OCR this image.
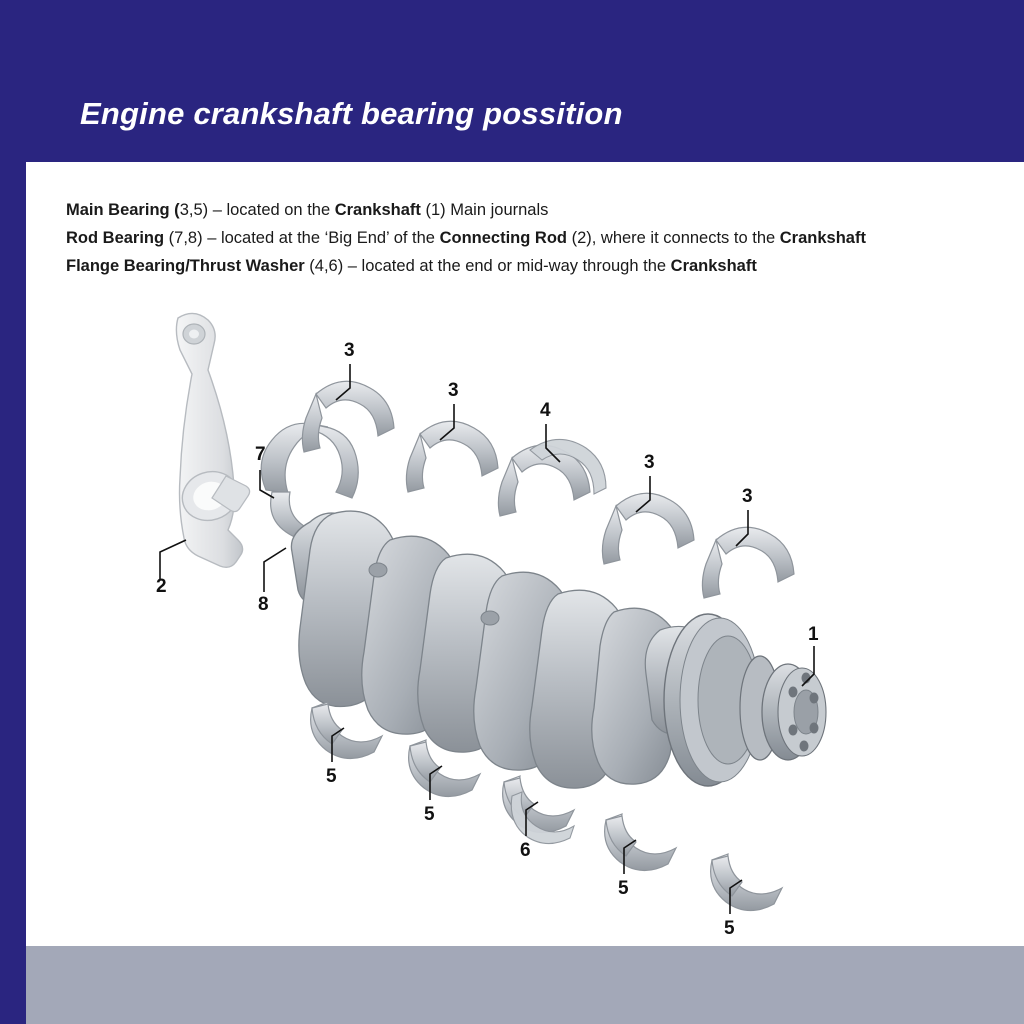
Engine crankshaft bearing possition
Main Bearing (3,5) – located on the Crankshaft (1) Main journals
Rod Bearing (7,8) – located at the ‘Big End’ of the Connecting Rod (2), where it connects to the Crankshaft
Flange Bearing/Thrust Washer (4,6) – located at the end or mid-way through the Crankshaft
2
7
8
3
3
4
3
3
1
5
5
6
5
5
